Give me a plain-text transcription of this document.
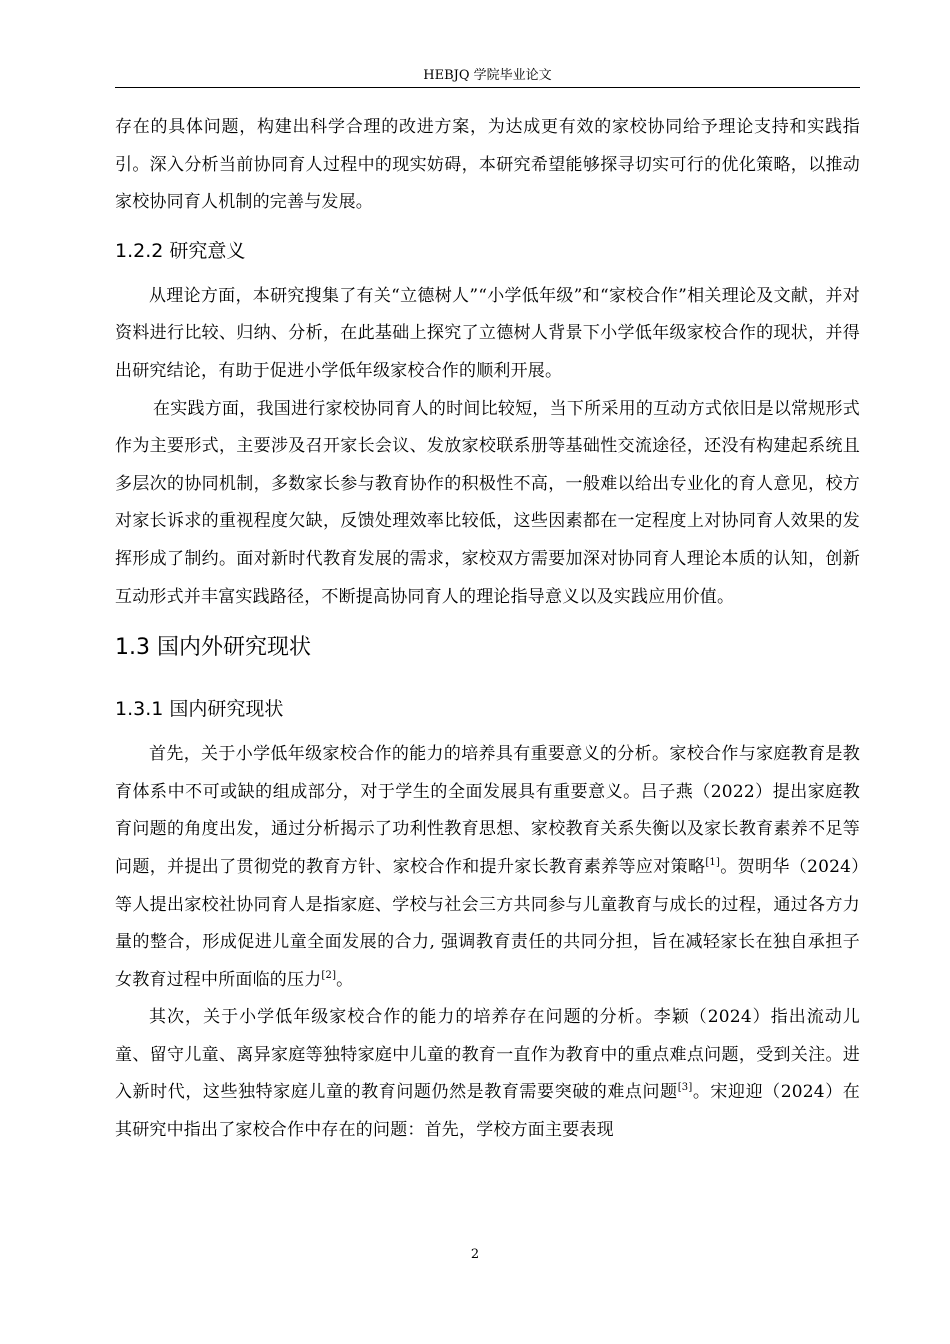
HEBJQ 学院毕业论文

存在的具体问题，构建出科学合理的改进方案，为达成更有效的家校协同给予理论支持和实践指引。深入分析当前协同育人过程中的现实妨碍，本研究希望能够探寻切实可行的优化策略，以推动家校协同育人机制的完善与发展。

1.2.2 研究意义

从理论方面，本研究搜集了有关“立德树人”“小学低年级”和“家校合作”相关理论及文献，并对资料进行比较、归纳、分析，在此基础上探究了立德树人背景下小学低年级家校合作的现状，并得出研究结论，有助于促进小学低年级家校合作的顺利开展。

在实践方面，我国进行家校协同育人的时间比较短，当下所采用的互动方式依旧是以常规形式作为主要形式，主要涉及召开家长会议、发放家校联系册等基础性交流途径，还没有构建起系统且多层次的协同机制，多数家长参与教育协作的积极性不高，一般难以给出专业化的育人意见，校方对家长诉求的重视程度欠缺，反馈处理效率比较低，这些因素都在一定程度上对协同育人效果的发挥形成了制约。面对新时代教育发展的需求，家校双方需要加深对协同育人理论本质的认知，创新互动形式并丰富实践路径，不断提高协同育人的理论指导意义以及实践应用价值。

1.3 国内外研究现状
1.3.1 国内研究现状

首先，关于小学低年级家校合作的能力的培养具有重要意义的分析。家校合作与家庭教育是教育体系中不可或缺的组成部分，对于学生的全面发展具有重要意义。吕子燕（2022）提出家庭教育问题的角度出发，通过分析揭示了功利性教育思想、家校教育关系失衡以及家长教育素养不足等问题，并提出了贯彻党的教育方针、家校合作和提升家长教育素养等应对策略[1]。贺明华（2024）等人提出家校社协同育人是指家庭、学校与社会三方共同参与儿童教育与成长的过程，通过各方力量的整合，形成促进儿童全面发展的合力, 强调教育责任的共同分担，旨在减轻家长在独自承担子女教育过程中所面临的压力[2]。

其次，关于小学低年级家校合作的能力的培养存在问题的分析。李颖（2024）指出流动儿童、留守儿童、离异家庭等独特家庭中儿童的教育一直作为教育中的重点难点问题，受到关注。进入新时代，这些独特家庭儿童的教育问题仍然是教育需要突破的难点问题[3]。宋迎迎（2024）在其研究中指出了家校合作中存在的问题：首先，学校方面主要表现

2
